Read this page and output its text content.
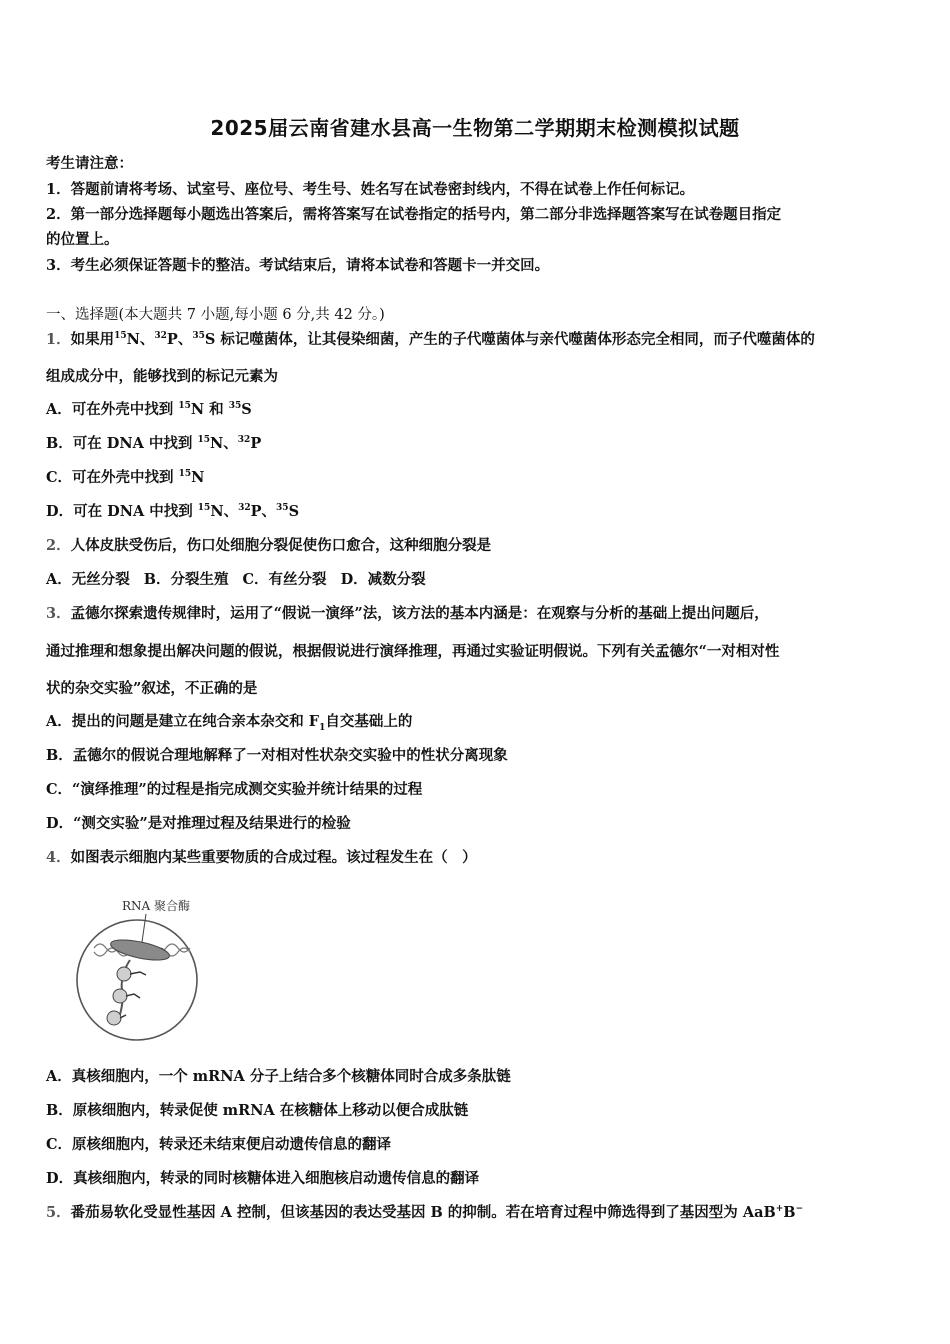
2025届云南省建水县高一生物第二学期期末检测模拟试题
考生请注意：
1．答题前请将考场、试室号、座位号、考生号、姓名写在试卷密封线内，不得在试卷上作任何标记。
2．第一部分选择题每小题选出答案后，需将答案写在试卷指定的括号内，第二部分非选择题答案写在试卷题目指定
的位置上。
3．考生必须保证答题卡的整洁。考试结束后，请将本试卷和答题卡一并交回。
一、选择题(本大题共 7 小题,每小题 6 分,共 42 分。)
1．如果用$^{15}$N、$^{32}$P、$^{35}$S 标记噬菌体，让其侵染细菌，产生的子代噬菌体与亲代噬菌体形态完全相同，而子代噬菌体的
组成成分中，能够找到的标记元素为
A．可在外壳中找到 $^{15}$N 和 $^{35}$S
B．可在 DNA 中找到 $^{15}$N、$^{32}$P
C．可在外壳中找到 $^{15}$N
D．可在 DNA 中找到 $^{15}$N、$^{32}$P、$^{35}$S
2．人体皮肤受伤后，伤口处细胞分裂促使伤口愈合，这种细胞分裂是
A．无丝分裂 B．分裂生殖 C．有丝分裂 D．减数分裂
3．孟德尔探索遗传规律时，运用了“假说一演绎”法，该方法的基本内涵是：在观察与分析的基础上提出问题后，
通过推理和想象提出解决问题的假说，根据假说进行演绎推理，再通过实验证明假说。下列有关孟德尔“一对相对性
状的杂交实验”叙述，不正确的是
A．提出的问题是建立在纯合亲本杂交和 $F_1$自交基础上的
B．孟德尔的假说合理地解释了一对相对性状杂交实验中的性状分离现象
C．“演绎推理”的过程是指完成测交实验并统计结果的过程
D．“测交实验”是对推理过程及结果进行的检验
4．如图表示细胞内某些重要物质的合成过程。该过程发生在（　）
RNA 聚合酶
A．真核细胞内，一个 mRNA 分子上结合多个核糖体同时合成多条肽链
B．原核细胞内，转录促使 mRNA 在核糖体上移动以便合成肽链
C．原核细胞内，转录还未结束便启动遗传信息的翻译
D．真核细胞内，转录的同时核糖体进入细胞核启动遗传信息的翻译
5．番茄易软化受显性基因 A 控制，但该基因的表达受基因 B 的抑制。若在培育过程中筛选得到了基因型为 AaB+B−
